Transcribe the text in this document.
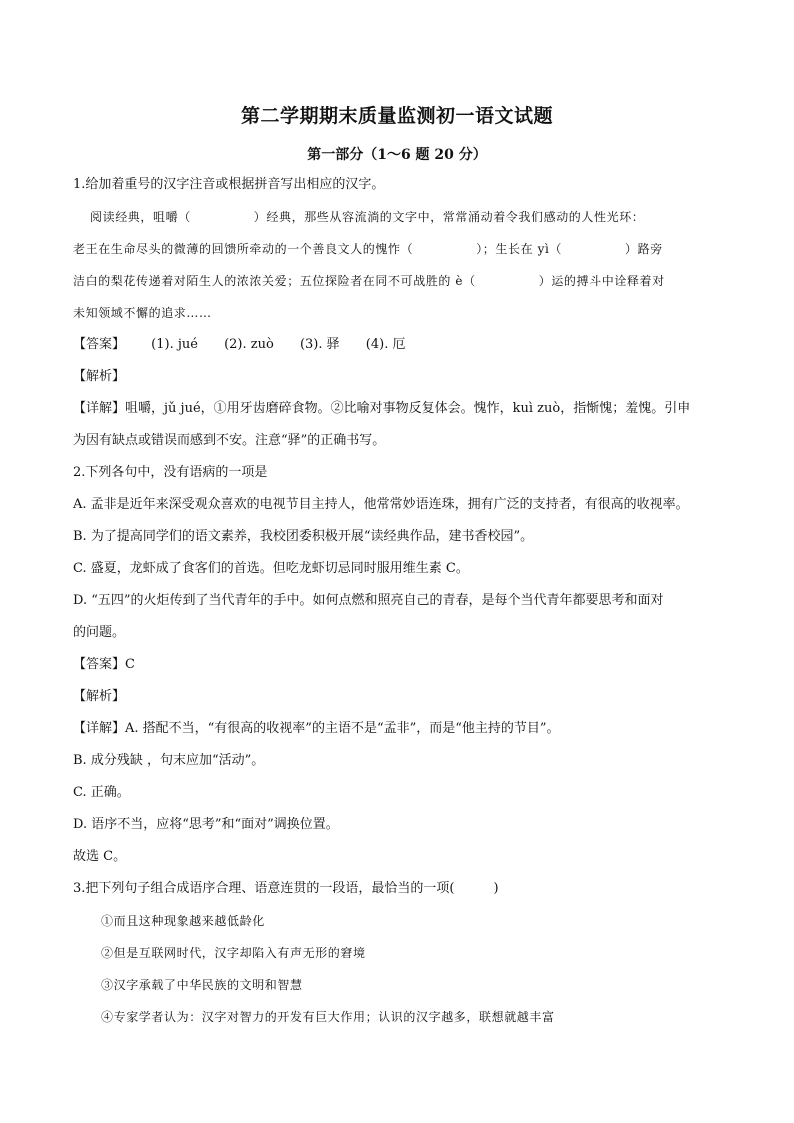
第二学期期末质量监测初一语文试题
第一部分（1～6 题 20 分）
1.给加着重号的汉字注音或根据拼音写出相应的汉字。
阅读经典，咀嚼（　　　　　）经典，那些从容流淌的文字中，常常涌动着令我们感动的人性光环：
老王在生命尽头的微薄的回馈所牵动的一个善良文人的愧怍（　　　　　）；生长在 yì（　　　　　）路旁
洁白的梨花传递着对陌生人的浓浓关爱；五位探险者在同不可战胜的 è（　　　　　）运的搏斗中诠释着对
未知领域不懈的追求……
【答案】 (1). jué (2). zuò (3). 驿 (4). 厄
【解析】
【详解】咀嚼，jǔ jué，①用牙齿磨碎食物。②比喻对事物反复体会。愧怍，kuì zuò，指惭愧；羞愧。引申
为因有缺点或错误而感到不安。注意“驿”的正确书写。
2.下列各句中，没有语病的一项是
A. 孟非是近年来深受观众喜欢的电视节目主持人，他常常妙语连珠，拥有广泛的支持者，有很高的收视率。
B. 为了提高同学们的语文素养，我校团委积极开展“读经典作品，建书香校园”。
C. 盛夏，龙虾成了食客们的首选。但吃龙虾切忌同时服用维生素 C。
D. “五四”的火炬传到了当代青年的手中。如何点燃和照亮自己的青春，是每个当代青年都要思考和面对
的问题。
【答案】C
【解析】
【详解】A. 搭配不当，“有很高的收视率”的主语不是“孟非”，而是“他主持的节目”。
B. 成分残缺 ，句末应加“活动”。
C. 正确。
D. 语序不当，应将“思考”和“面对”调换位置。
故选 C。
3.把下列句子组合成语序合理、语意连贯的一段语，最恰当的一项(　　　)
①而且这种现象越来越低龄化
②但是互联网时代，汉字却陷入有声无形的窘境
③汉字承载了中华民族的文明和智慧
④专家学者认为：汉字对智力的开发有巨大作用；认识的汉字越多，联想就越丰富
